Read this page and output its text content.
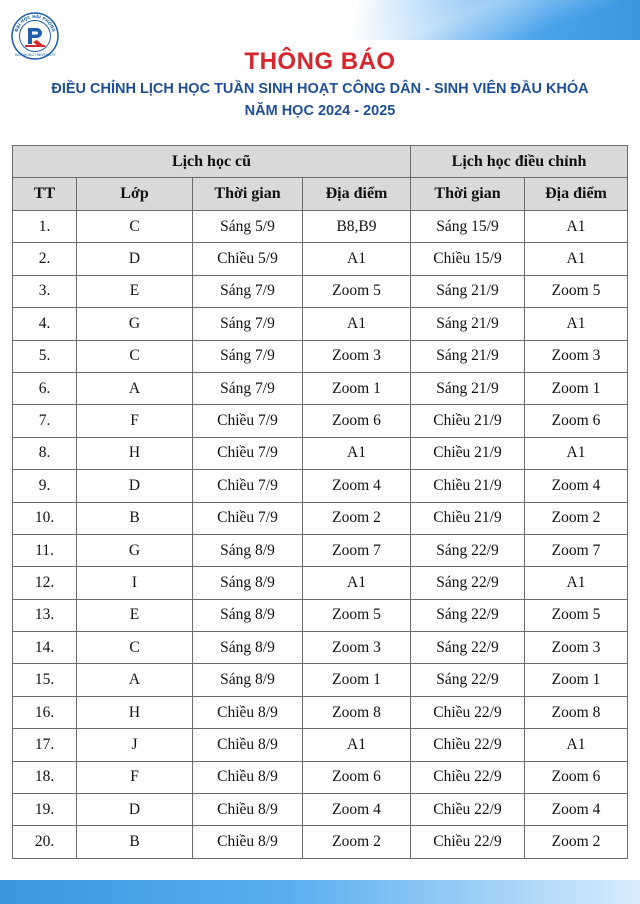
ĐẠI HỌC HẢI PHÒNG
HAI PHONG UNIVERSITY	THÔNG BÁO
ĐIỀU CHỈNH LỊCH HỌC TUẦN SINH HOẠT CÔNG DÂN - SINH VIÊN ĐẦU KHÓA
NĂM HỌC 2024 - 2025
Lịch học cũ				Lịch học điều chỉnh	
TT	Lớp	Thời gian	Địa điểm	Thời gian	Địa điểm
1.	C	Sáng 5/9	B8,B9	Sáng 15/9	A1
2.	D	Chiều 5/9	A1	Chiều 15/9	A1
3.	E	Sáng 7/9	Zoom 5	Sáng 21/9	Zoom 5
4.	G	Sáng 7/9	A1	Sáng 21/9	A1
5.	C	Sáng 7/9	Zoom 3	Sáng 21/9	Zoom 3
6.	A	Sáng 7/9	Zoom 1	Sáng 21/9	Zoom 1
7.	F	Chiều 7/9	Zoom 6	Chiều 21/9	Zoom 6
8.	H	Chiều 7/9	A1	Chiều 21/9	A1
9.	D	Chiều 7/9	Zoom 4	Chiều 21/9	Zoom 4
10.	B	Chiều 7/9	Zoom 2	Chiều 21/9	Zoom 2
11.	G	Sáng 8/9	Zoom 7	Sáng 22/9	Zoom 7
12.	I	Sáng 8/9	A1	Sáng 22/9	A1
13.	E	Sáng 8/9	Zoom 5	Sáng 22/9	Zoom 5
14.	C	Sáng 8/9	Zoom 3	Sáng 22/9	Zoom 3
15.	A	Sáng 8/9	Zoom 1	Sáng 22/9	Zoom 1
16.	H	Chiều 8/9	Zoom 8	Chiều 22/9	Zoom 8
17.	J	Chiều 8/9	A1	Chiều 22/9	A1
18.	F	Chiều 8/9	Zoom 6	Chiều 22/9	Zoom 6
19.	D	Chiều 8/9	Zoom 4	Chiều 22/9	Zoom 4
20.	B	Chiều 8/9	Zoom 2	Chiều 22/9	Zoom 2
